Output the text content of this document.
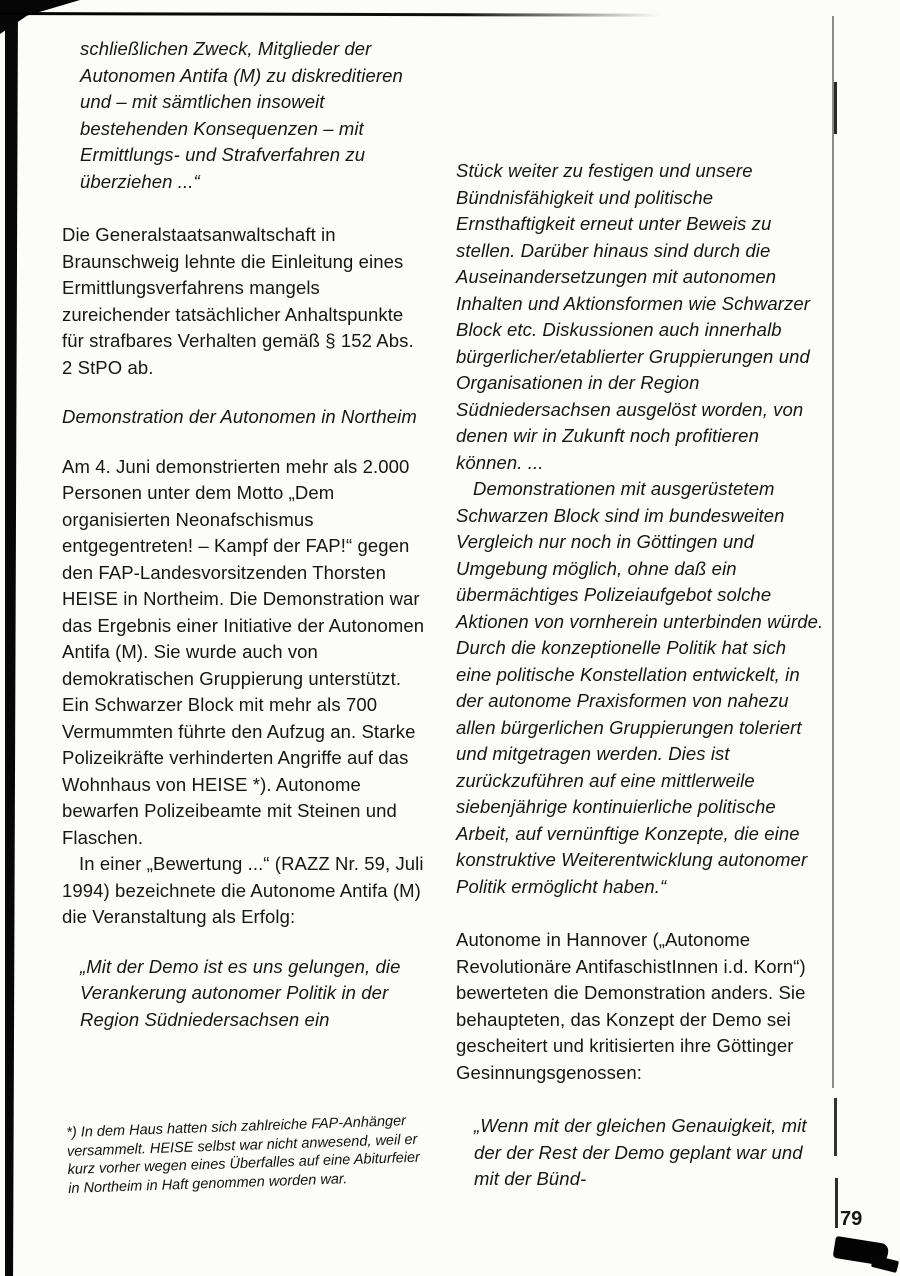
schließlichen Zweck, Mitglieder der Autonomen Antifa (M) zu diskreditieren und – mit sämtlichen insoweit bestehenden Konsequenzen – mit Ermittlungs- und Strafverfahren zu überziehen ...“

Die Generalstaatsanwaltschaft in Braunschweig lehnte die Einleitung eines Ermittlungsverfahrens mangels zureichender tatsächlicher Anhaltspunkte für strafbares Verhalten gemäß § 152 Abs. 2 StPO ab.

Demonstration der Autonomen in Northeim

Am 4. Juni demonstrierten mehr als 2.000 Personen unter dem Motto „Dem organisierten Neonafschismus entgegentreten! – Kampf der FAP!“ gegen den FAP-Landesvorsitzenden Thorsten HEISE in Northeim. Die Demonstration war das Ergebnis einer Initiative der Autonomen Antifa (M). Sie wurde auch von demokratischen Gruppierung unterstützt. Ein Schwarzer Block mit mehr als 700 Vermummten führte den Aufzug an. Starke Polizeikräfte verhinderten Angriffe auf das Wohnhaus von HEISE *). Autonome bewarfen Polizeibeamte mit Steinen und Flaschen.

In einer „Bewertung ...“ (RAZZ Nr. 59, Juli 1994) bezeichnete die Autonome Antifa (M) die Veranstaltung als Erfolg:

„Mit der Demo ist es uns gelungen, die Verankerung autonomer Politik in der Region Südniedersachsen ein

*) In dem Haus hatten sich zahlreiche FAP-Anhänger versammelt. HEISE selbst war nicht anwesend, weil er kurz vorher wegen eines Überfalles auf eine Abiturfeier in Northeim in Haft genommen worden war.

Stück weiter zu festigen und unsere Bündnisfähigkeit und politische Ernsthaftigkeit erneut unter Beweis zu stellen. Darüber hinaus sind durch die Auseinandersetzungen mit autonomen Inhalten und Aktionsformen wie Schwarzer Block etc. Diskussionen auch innerhalb bürgerlicher/etablierter Gruppierungen und Organisationen in der Region Südniedersachsen ausgelöst worden, von denen wir in Zukunft noch profitieren können. ...

Demonstrationen mit ausgerüstetem Schwarzen Block sind im bundesweiten Vergleich nur noch in Göttingen und Umgebung möglich, ohne daß ein übermächtiges Polizeiaufgebot solche Aktionen von vornherein unterbinden würde. Durch die konzeptionelle Politik hat sich eine politische Konstellation entwickelt, in der autonome Praxisformen von nahezu allen bürgerlichen Gruppierungen toleriert und mitgetragen werden. Dies ist zurückzuführen auf eine mittlerweile siebenjährige kontinuierliche politische Arbeit, auf vernünftige Konzepte, die eine konstruktive Weiterentwicklung autonomer Politik ermöglicht haben.“

Autonome in Hannover („Autonome Revolutionäre AntifaschistInnen i.d. Korn“) bewerteten die Demonstration anders. Sie behaupteten, das Konzept der Demo sei gescheitert und kritisierten ihre Göttinger Gesinnungsgenossen:

„Wenn mit der gleichen Genauigkeit, mit der der Rest der Demo geplant war und mit der Bünd-

79
